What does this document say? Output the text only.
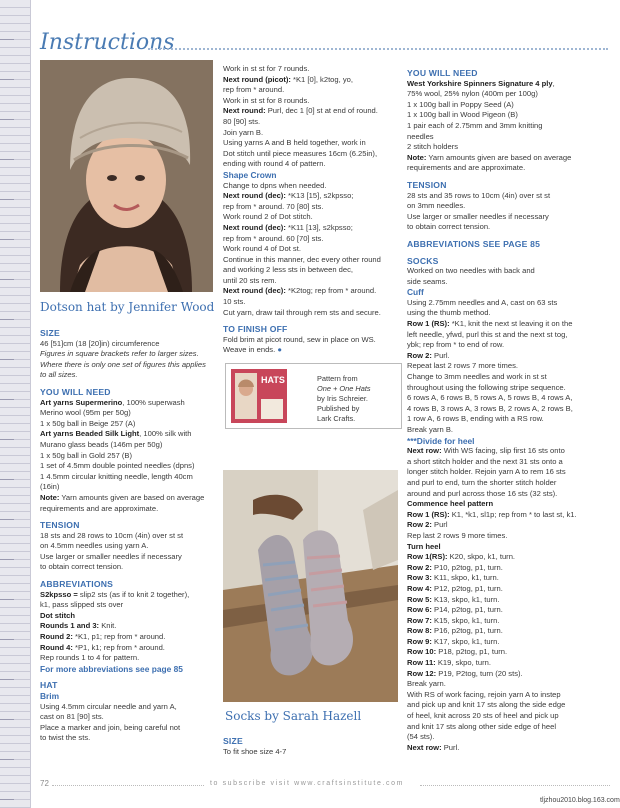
Instructions
Dotson hat by Jennifer Wood

SIZE

46 [51]cm (18 [20]in) circumference

Figures in square brackets refer to larger sizes.

Where there is only one set of figures this applies

to all sizes.

YOU WILL NEED

Art yarns Supermerino, 100% superwash

Merino wool (95m per 50g)

1 x 50g ball in Beige 257 (A)

Art yarns Beaded Silk Light, 100% silk with

Murano glass beads (146m per 50g)

1 x 50g ball in Gold 257 (B)

1 set of 4.5mm double pointed needles (dpns)

1 4.5mm circular knitting needle, length 40cm

(16in)

Note: Yarn amounts given are based on average

requirements and are approximate.

TENSION

18 sts and 28 rows to 10cm (4in) over st st

on 4.5mm needles using yarn A.

Use larger or smaller needles if necessary

to obtain correct tension.

ABBREVIATIONS

S2kpsso = slip2 sts (as if to knit 2 together),

k1, pass slipped sts over

Dot stitch

Rounds 1 and 3: Knit.

Round 2: *K1, p1; rep from * around.

Round 4: *P1, k1; rep from * around.

Rep rounds 1 to 4 for pattern.

For more abbreviations see page 85

HAT

Brim

Using 4.5mm circular needle and yarn A,

cast on 81 [90] sts.

Place a marker and join, being careful not

to twist the sts.

Work in st st for 7 rounds.

Next round (picot): *K1 [0], k2tog, yo,

rep from * around.

Work in st st for 8 rounds.

Next round: Purl, dec 1 [0] st at end of round.

80 [90] sts.

Join yarn B.

Using yarns A and B held together, work in

Dot stitch until piece measures 16cm (6.25in),

ending with round 4 of pattern.

Shape Crown

Change to dpns when needed.

Next round (dec): *K13 [15], s2kpsso;

rep from * around. 70 [80] sts.

Work round 2 of Dot stitch.

Next round (dec): *K11 [13], s2kpsso;

rep from * around. 60 [70] sts.

Work round 4 of Dot st.

Continue in this manner, dec every other round

and working 2 less sts in between dec,

until 20 sts rem.

Next round (dec): *K2tog; rep from * around.

10 sts.

Cut yarn, draw tail through rem sts and secure.

TO FINISH OFF

Fold brim at picot round, sew in place on WS.

Weave in ends. ●

HATS	Pattern from

One + One Hats

by Iris Schreier.

Published by

Lark Crafts.

Socks by Sarah Hazell

SIZE

To fit shoe size 4-7

YOU WILL NEED

West Yorkshire Spinners Signature 4 ply,

75% wool, 25% nylon (400m per 100g)

1 x 100g ball in Poppy Seed (A)

1 x 100g ball in Wood Pigeon (B)

1 pair each of 2.75mm and 3mm knitting

needles

2 stitch holders

Note: Yarn amounts given are based on average

requirements and are approximate.

TENSION

28 sts and 35 rows to 10cm (4in) over st st

on 3mm needles.

Use larger or smaller needles if necessary

to obtain correct tension.

ABBREVIATIONS SEE PAGE 85

SOCKS

Worked on two needles with back and

side seams.

Cuff

Using 2.75mm needles and A, cast on 63 sts

using the thumb method.

Row 1 (RS): *K1, knit the next st leaving it on the

left needle, yfwd, purl this st and the next st tog,

ybk; rep from * to end of row.

Row 2: Purl.

Repeat last 2 rows 7 more times.

Change to 3mm needles and work in st st

throughout using the following stripe sequence.

6 rows A, 6 rows B, 5 rows A, 5 rows B, 4 rows A,

4 rows B, 3 rows A, 3 rows B, 2 rows A, 2 rows B,

1 row A, 6 rows B, ending with a RS row.

Break yarn B.

***Divide for heel

Next row: With WS facing, slip first 16 sts onto

a short stitch holder and the next 31 sts onto a

longer stitch holder. Rejoin yarn A to rem 16 sts

and purl to end, turn the shorter stitch holder

around and purl across those 16 sts (32 sts).

Commence heel pattern

Row 1 (RS): K1, *k1, sl1p; rep from * to last st, k1.

Row 2: Purl

Rep last 2 rows 9 more times.

Turn heel

Row 1(RS): K20, skpo, k1, turn.

Row 2: P10, p2tog, p1, turn.

Row 3: K11, skpo, k1, turn.

Row 4: P12, p2tog, p1, turn.

Row 5: K13, skpo, k1, turn.

Row 6: P14, p2tog, p1, turn.

Row 7: K15, skpo, k1, turn.

Row 8: P16, p2tog, p1, turn.

Row 9: K17, skpo, k1, turn.

Row 10: P18, p2tog, p1, turn.

Row 11: K19, skpo, turn.

Row 12: P19, P2tog, turn (20 sts).

Break yarn.

With RS of work facing, rejoin yarn A to instep

and pick up and knit 17 sts along the side edge

of heel, knit across 20 sts of heel and pick up

and knit 17 sts along other side edge of heel

(54 sts).

Next row: Purl.

72	to subscribe visit www.craftsinstitute.com
tljzhou2010.blog.163.com
